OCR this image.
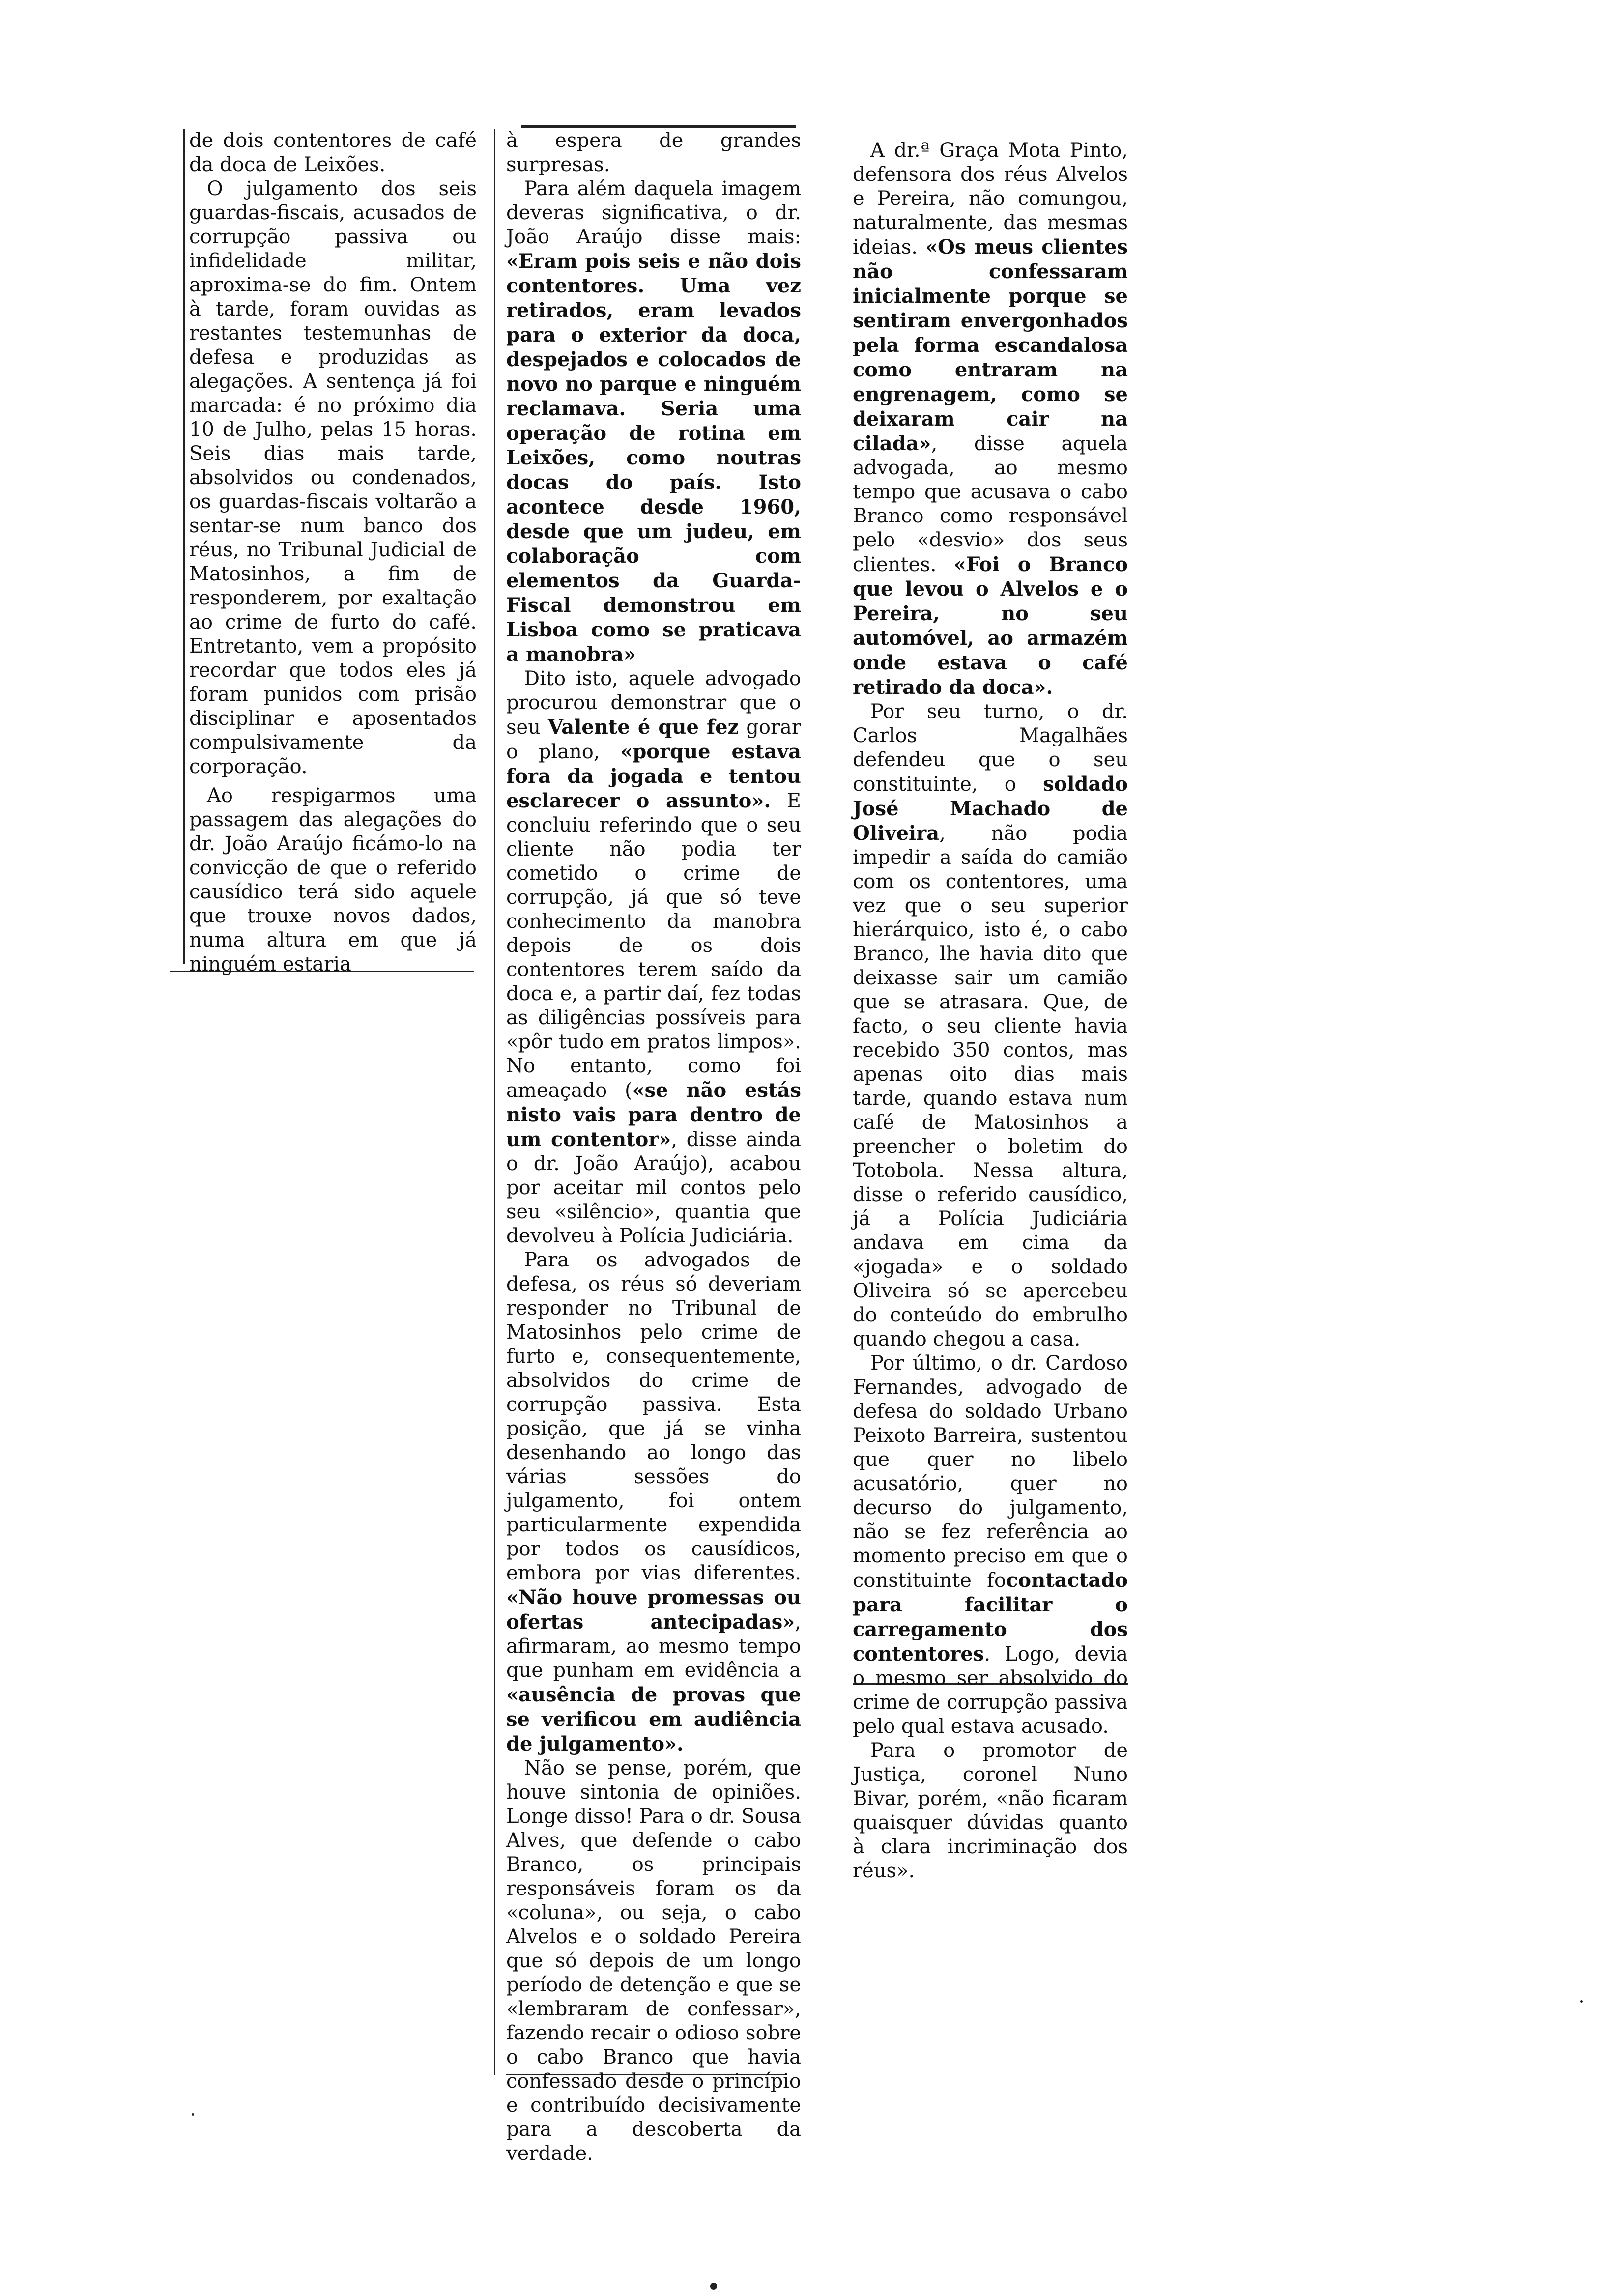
de dois contentores de café da doca de Leixões.

O julgamento dos seis guardas-fiscais, acusados de corrupção passiva ou infidelidade militar, aproxima-se do fim. Ontem à tarde, foram ouvidas as restantes testemunhas de defesa e produzidas as alegações. A sentença já foi marcada: é no próximo dia 10 de Julho, pelas 15 horas. Seis dias mais tarde, absolvidos ou condenados, os guardas-fiscais voltarão a sentar-se num banco dos réus, no Tribunal Judicial de Matosinhos, a fim de responderem, por exaltação ao crime de furto do café. Entretanto, vem a propósito recordar que todos eles já foram punidos com prisão disciplinar e aposentados compulsivamente da corporação.

Ao respigarmos uma passagem das alegações do dr. João Araújo ficámo-lo na convicção de que o referido causídico terá sido aquele que trouxe novos dados, numa altura em que já ninguém estaria

à espera de grandes surpresas.

Para além daquela imagem deveras significativa, o dr. João Araújo disse mais: «Eram pois seis e não dois contentores. Uma vez retirados, eram levados para o exterior da doca, despejados e colocados de novo no parque e ninguém reclamava. Seria uma operação de rotina em Leixões, como noutras docas do país. Isto acontece desde 1960, desde que um judeu, em colaboração com elementos da Guarda-Fiscal demonstrou em Lisboa como se praticava a manobra»

Dito isto, aquele advogado procurou demonstrar que o seu Valente é que fez gorar o plano, «porque estava fora da jogada e tentou esclarecer o assunto». E concluiu referindo que o seu cliente não podia ter cometido o crime de corrupção, já que só teve conhecimento da manobra depois de os dois contentores terem saído da doca e, a partir daí, fez todas as diligências possíveis para «pôr tudo em pratos limpos». No entanto, como foi ameaçado («se não estás nisto vais para dentro de um contentor», disse ainda o dr. João Araújo), acabou por aceitar mil contos pelo seu «silêncio», quantia que devolveu à Polícia Judiciária.

Para os advogados de defesa, os réus só deveriam responder no Tribunal de Matosinhos pelo crime de furto e, consequentemente, absolvidos do crime de corrupção passiva. Esta posição, que já se vinha desenhando ao longo das várias sessões do julgamento, foi ontem particularmente expendida por todos os causídicos, embora por vias diferentes. «Não houve promessas ou ofertas antecipadas», afirmaram, ao mesmo tempo que punham em evidência a «ausência de provas que se verificou em audiência de julgamento».

Não se pense, porém, que houve sintonia de opiniões. Longe disso! Para o dr. Sousa Alves, que defende o cabo Branco, os principais responsáveis foram os da «coluna», ou seja, o cabo Alvelos e o soldado Pereira que só depois de um longo período de detenção e que se «lembraram de confessar», fazendo recair o odioso sobre o cabo Branco que havia confessado desde o princípio e contribuído decisivamente para a descoberta da verdade.

A dr.ª Graça Mota Pinto, defensora dos réus Alvelos e Pereira, não comungou, naturalmente, das mesmas ideias. «Os meus clientes não confessaram inicialmente porque se sentiram envergonhados pela forma escandalosa como entraram na engrenagem, como se deixaram cair na cilada», disse aquela advogada, ao mesmo tempo que acusava o cabo Branco como responsável pelo «desvio» dos seus clientes. «Foi o Branco que levou o Alvelos e o Pereira, no seu automóvel, ao armazém onde estava o café retirado da doca».

Por seu turno, o dr. Carlos Magalhães defendeu que o seu constituinte, o soldado José Machado de Oliveira, não podia impedir a saída do camião com os contentores, uma vez que o seu superior hierárquico, isto é, o cabo Branco, lhe havia dito que deixasse sair um camião que se atrasara. Que, de facto, o seu cliente havia recebido 350 contos, mas apenas oito dias mais tarde, quando estava num café de Matosinhos a preencher o boletim do Totobola. Nessa altura, disse o referido causídico, já a Polícia Judiciária andava em cima da «jogada» e o soldado Oliveira só se apercebeu do conteúdo do embrulho quando chegou a casa.

Por último, o dr. Cardoso Fernandes, advogado de defesa do soldado Urbano Peixoto Barreira, sustentou que quer no libelo acusatório, quer no decurso do julgamento, não se fez referência ao momento preciso em que o constituinte focontactado para facilitar o carregamento dos contentores. Logo, devia o mesmo ser absolvido do crime de corrupção passiva pelo qual estava acusado.

Para o promotor de Justiça, coronel Nuno Bivar, porém, «não ficaram quaisquer dúvidas quanto à clara incriminação dos réus».
